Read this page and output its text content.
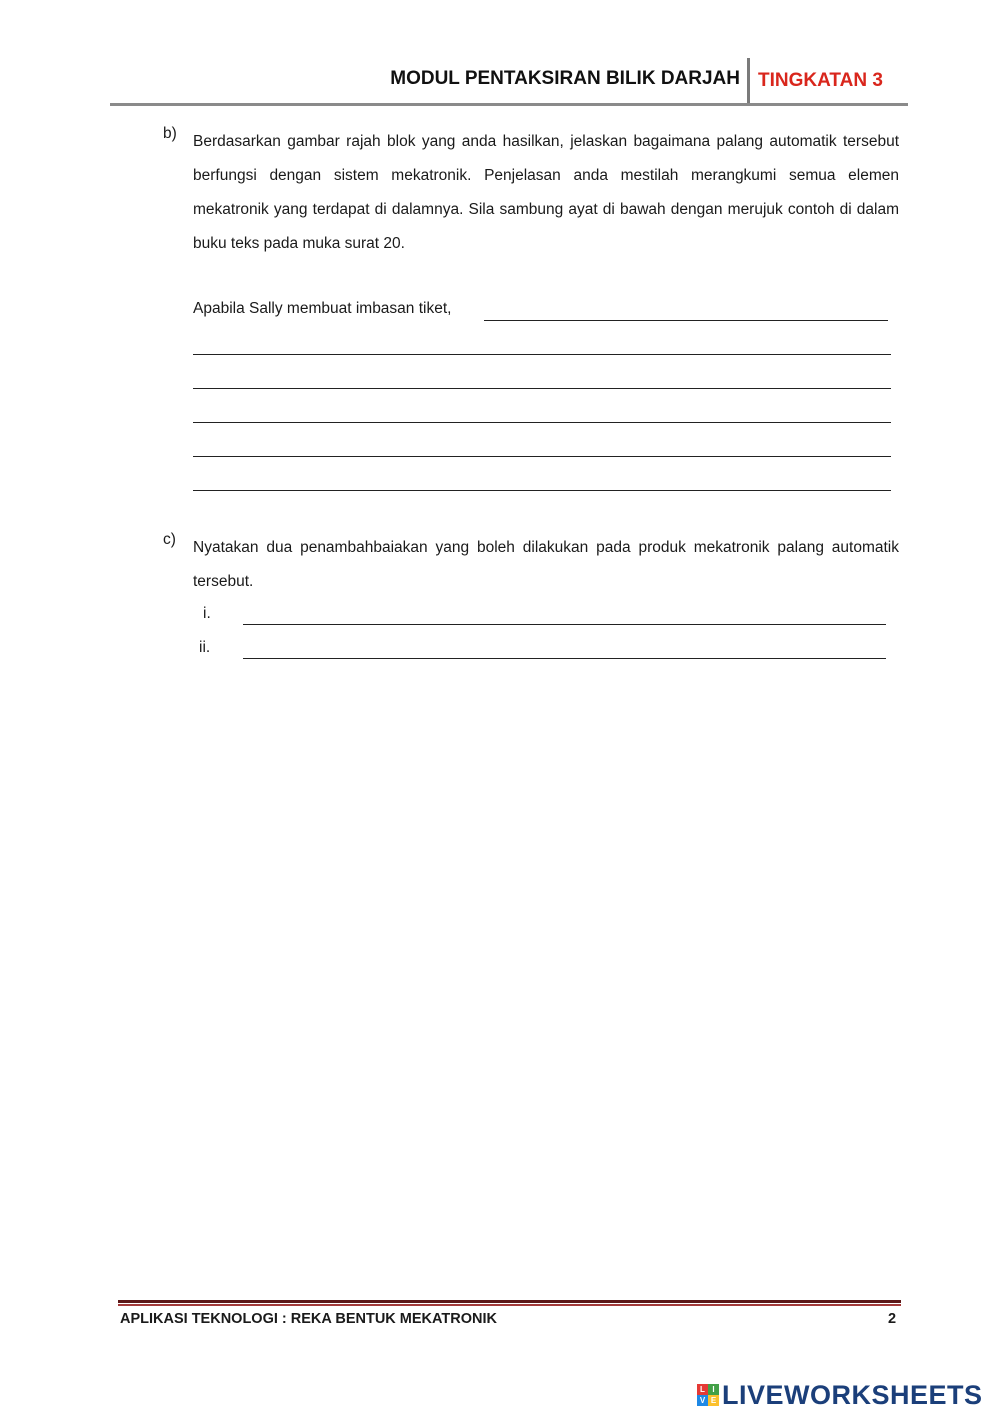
MODUL PENTAKSIRAN BILIK DARJAH TINGKATAN 3
b) Berdasarkan gambar rajah blok yang anda hasilkan, jelaskan bagaimana palang automatik tersebut berfungsi dengan sistem mekatronik. Penjelasan anda mestilah merangkumi semua elemen mekatronik yang terdapat di dalamnya. Sila sambung ayat di bawah dengan merujuk contoh di dalam buku teks pada muka surat 20.
Apabila Sally membuat imbasan tiket,
c) Nyatakan dua penambahbaiakan yang boleh dilakukan pada produk mekatronik palang automatik tersebut.
i.
ii.
APLIKASI TEKNOLOGI : REKA BENTUK MEKATRONIK	2
L I
V E LIVEWORKSHEETS
